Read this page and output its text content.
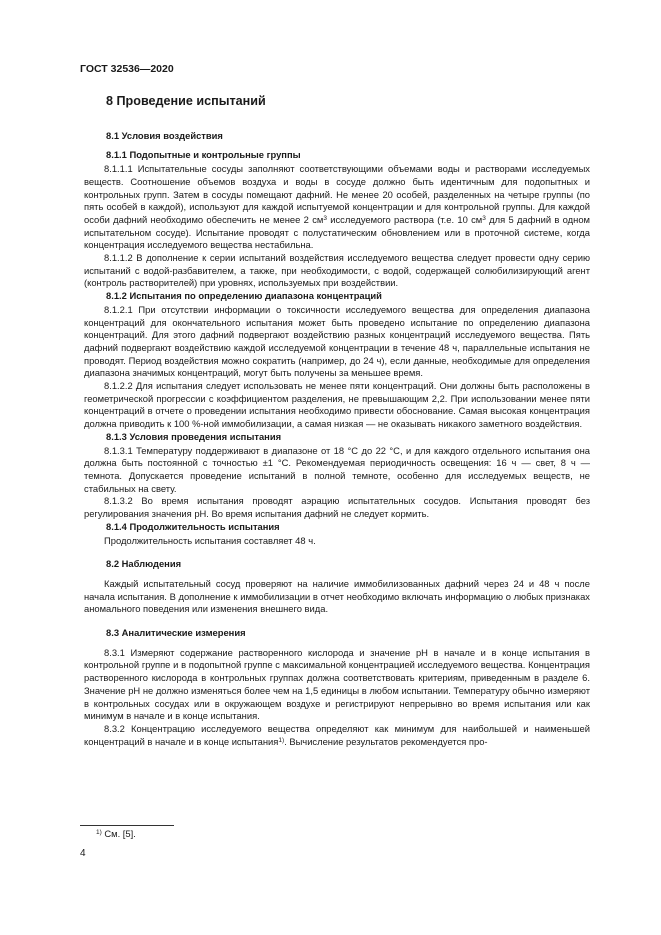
ГОСТ 32536—2020
8 Проведение испытаний
8.1 Условия воздействия
8.1.1 Подопытные и контрольные группы

8.1.1.1 Испытательные сосуды заполняют соответствующими объемами воды и растворами исследуемых веществ. Соотношение объемов воздуха и воды в сосуде должно быть идентичным для подопытных и контрольных групп. Затем в сосуды помещают дафний. Не менее 20 особей, разделенных на четыре группы (по пять особей в каждой), используют для каждой испытуемой концентрации и для контрольной группы. Для каждой особи дафний необходимо обеспечить не менее 2 $см^3$ исследуемого раствора (т.е. 10 $см^3$ для 5 дафний в одном испытательном сосуде). Испытание проводят с полустатическим обновлением или в проточной системе, когда концентрация исследуемого вещества нестабильна.

8.1.1.2 В дополнение к серии испытаний воздействия исследуемого вещества следует провести одну серию испытаний с водой-разбавителем, а также, при необходимости, с водой, содержащей солюбилизирующий агент (контроль растворителей) при уровнях, используемых при воздействии.

8.1.2 Испытания по определению диапазона концентраций

8.1.2.1 При отсутствии информации о токсичности исследуемого вещества для определения диапазона концентраций для окончательного испытания может быть проведено испытание по определению диапазона концентраций. Для этого дафний подвергают воздействию разных концентраций исследуемого вещества. Пять дафний подвергают воздействию каждой исследуемой концентрации в течение 48 ч, параллельные испытания не проводят. Период воздействия можно сократить (например, до 24 ч), если данные, необходимые для определения диапазона значимых концентраций, могут быть получены за меньшее время.

8.1.2.2 Для испытания следует использовать не менее пяти концентраций. Они должны быть расположены в геометрической прогрессии с коэффициентом разделения, не превышающим 2,2. При использовании менее пяти концентраций в отчете о проведении испытания необходимо привести обоснование. Самая высокая концентрация должна приводить к 100 %-ной иммобилизации, а самая низкая — не оказывать никакого заметного воздействия.

8.1.3 Условия проведения испытания

8.1.3.1 Температуру поддерживают в диапазоне от 18 °С до 22 °С, и для каждого отдельного испытания она должна быть постоянной с точностью ±1 °С. Рекомендуемая периодичность освещения: 16 ч — свет, 8 ч — темнота. Допускается проведение испытаний в полной темноте, особенно для исследуемых веществ, не стабильных на свету.

8.1.3.2 Во время испытания проводят аэрацию испытательных сосудов. Испытания проводят без регулирования значения рН. Во время испытания дафний не следует кормить.

8.1.4 Продолжительность испытания

Продолжительность испытания составляет 48 ч.

8.2 Наблюдения

Каждый испытательный сосуд проверяют на наличие иммобилизованных дафний через 24 и 48 ч после начала испытания. В дополнение к иммобилизации в отчет необходимо включать информацию о любых признаках аномального поведения или изменения внешнего вида.

8.3 Аналитические измерения

8.3.1 Измеряют содержание растворенного кислорода и значение рН в начале и в конце испытания в контрольной группе и в подопытной группе с максимальной концентрацией исследуемого вещества. Концентрация растворенного кислорода в контрольных группах должна соответствовать критериям, приведенным в разделе 6. Значение рН не должно изменяться более чем на 1,5 единицы в любом испытании. Температуру обычно измеряют в контрольных сосудах или в окружающем воздухе и регистрируют непрерывно во время испытания или как минимум в начале и в конце испытания.

8.3.2 Концентрацию исследуемого вещества определяют как минимум для наибольшей и наименьшей концентраций в начале и в конце испытания$^{1)}$. Вычисление результатов рекомендуется про-

$^{1)}$ См. [5].
4
